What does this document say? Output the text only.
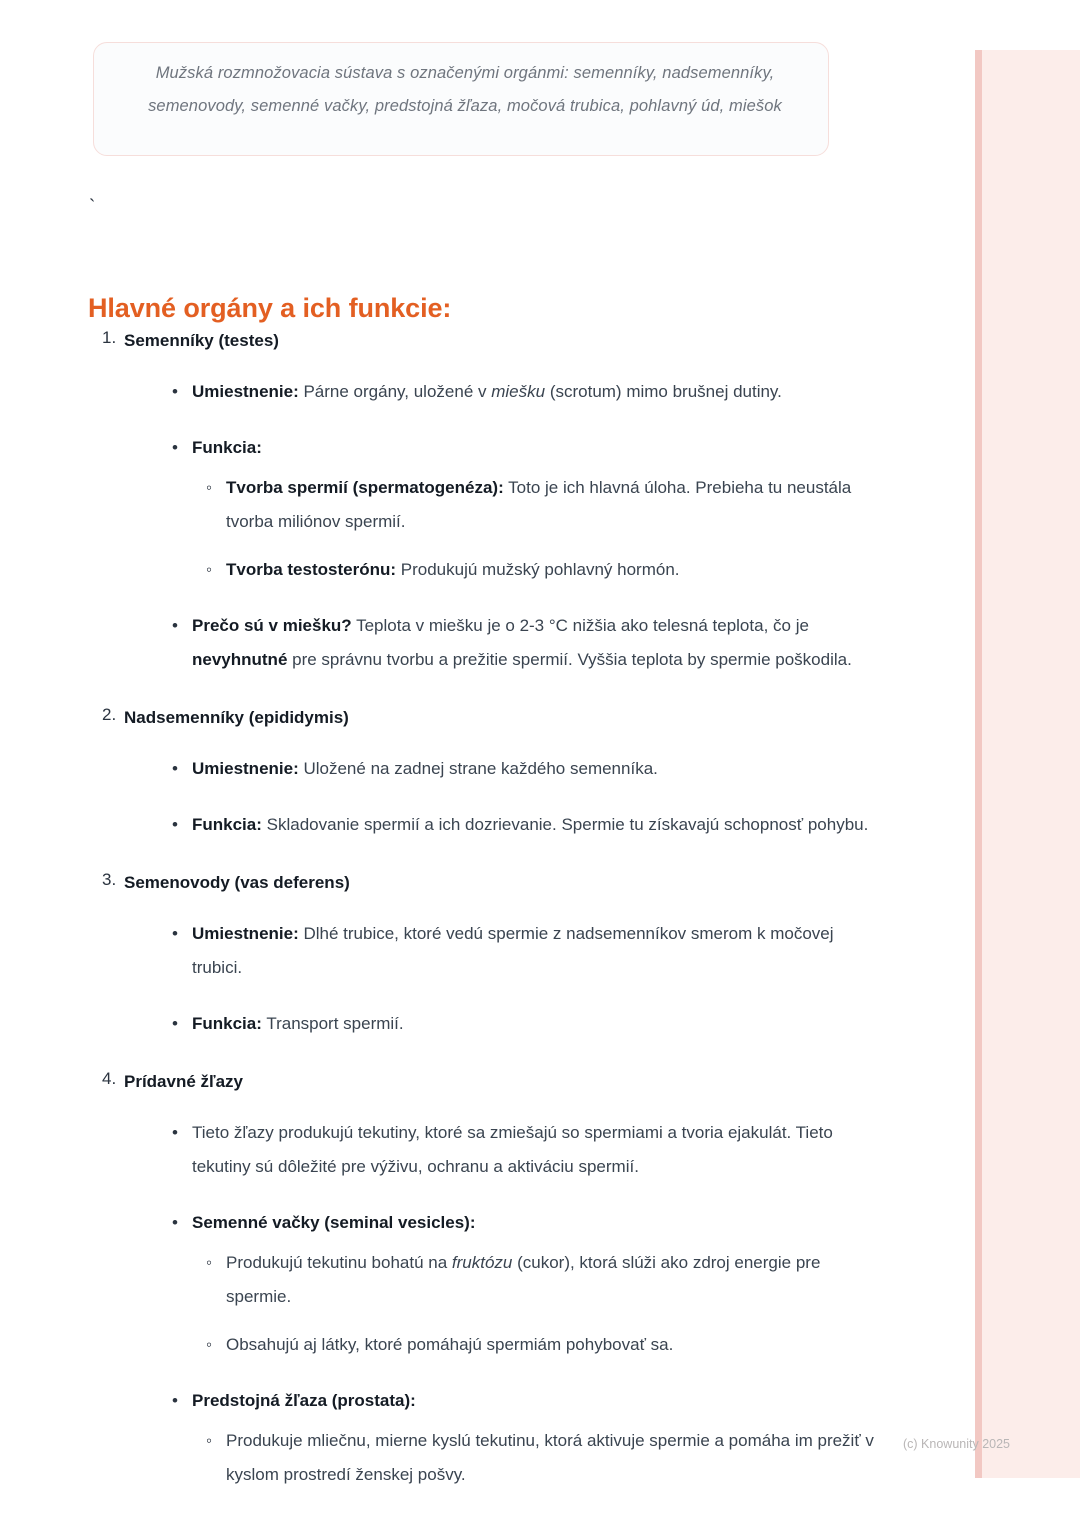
Mužská rozmnožovacia sústava s označenými orgánmi: semenníky, nadsemenníky, semenovody, semenné vačky, predstojná žľaza, močová trubica, pohlavný úd, miešok
`
Hlavné orgány a ich funkcie:
1. Semenníky (testes)
• Umiestnenie: Párne orgány, uložené v miešku (scrotum) mimo brušnej dutiny.
• Funkcia:
◦ Tvorba spermií (spermatogenéza): Toto je ich hlavná úloha. Prebieha tu neustála tvorba miliónov spermií.
◦ Tvorba testosterónu: Produkujú mužský pohlavný hormón.
• Prečo sú v miešku? Teplota v miešku je o 2-3 °C nižšia ako telesná teplota, čo je nevyhnutné pre správnu tvorbu a prežitie spermií. Vyššia teplota by spermie poškodila.
2. Nadsemenníky (epididymis)
• Umiestnenie: Uložené na zadnej strane každého semenníka.
• Funkcia: Skladovanie spermií a ich dozrievanie. Spermie tu získavajú schopnosť pohybu.
3. Semenovody (vas deferens)
• Umiestnenie: Dlhé trubice, ktoré vedú spermie z nadsemenníkov smerom k močovej trubici.
• Funkcia: Transport spermií.
4. Prídavné žľazy
• Tieto žľazy produkujú tekutiny, ktoré sa zmiešajú so spermiami a tvoria ejakulát. Tieto tekutiny sú dôležité pre výživu, ochranu a aktiváciu spermií.
• Semenné vačky (seminal vesicles):
◦ Produkujú tekutinu bohatú na fruktózu (cukor), ktorá slúži ako zdroj energie pre spermie.
◦ Obsahujú aj látky, ktoré pomáhajú spermiám pohybovať sa.
• Predstojná žľaza (prostata):
◦ Produkuje mliečnu, mierne kyslú tekutinu, ktorá aktivuje spermie a pomáha im prežiť v kyslom prostredí ženskej pošvy.
(c) Knowunity 2025
